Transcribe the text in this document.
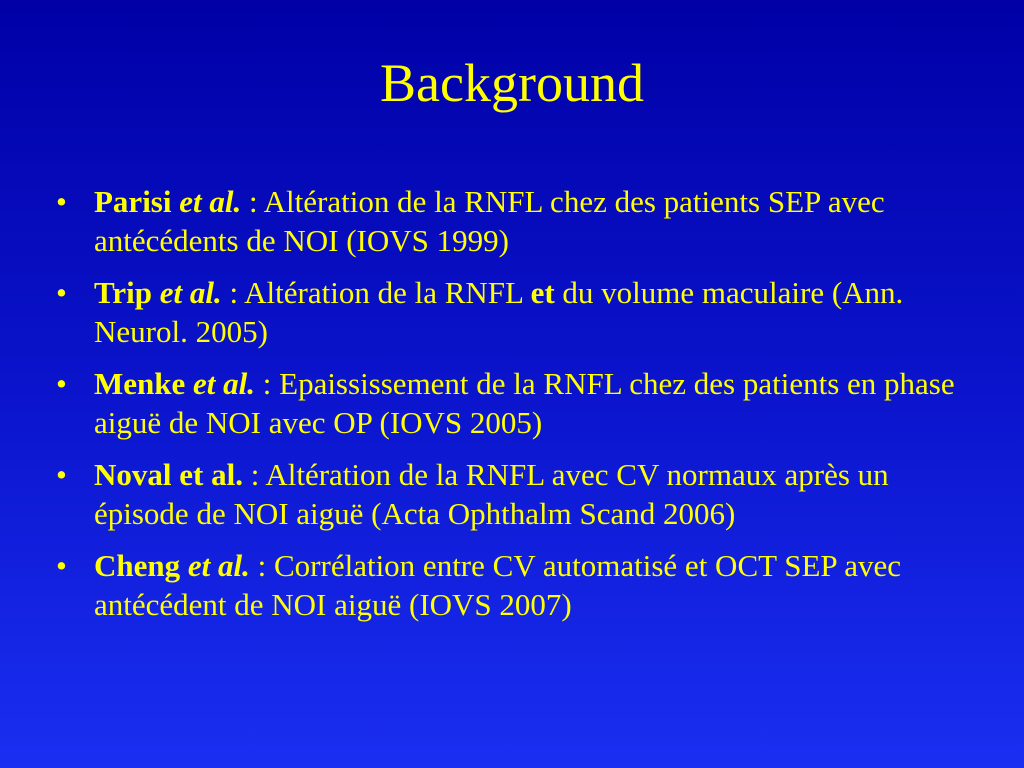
Background
• Parisi et al. : Altération de la RNFL chez des patients SEP avec antécédents de NOI (IOVS 1999)
• Trip et al. : Altération de la RNFL et du volume maculaire (Ann. Neurol. 2005)
• Menke et al. : Epaississement de la RNFL chez des patients en phase aiguë de NOI avec OP (IOVS 2005)
• Noval et al. : Altération de la RNFL avec CV normaux après un épisode de NOI aiguë (Acta Ophthalm Scand 2006)
• Cheng et al. : Corrélation entre CV automatisé et OCT SEP avec antécédent de NOI aiguë (IOVS 2007)
